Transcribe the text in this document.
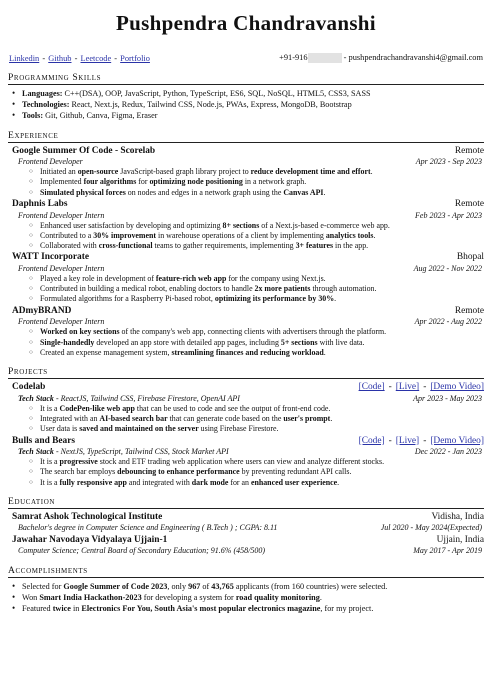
Pushpendra Chandravanshi
Linkedin - Github - Leetcode - Portfolio	+91-916	- pushpendrachandravanshi4@gmail.com
Programming Skills
• Languages: C++(DSA), OOP, JavaScript, Python, TypeScript, ES6, SQL, NoSQL, HTML5, CSS3, SASS
• Technologies: React, Next.js, Redux, Tailwind CSS, Node.js, PWAs, Express, MongoDB, Bootstrap
• Tools: Git, Github, Canva, Figma, Eraser
Experience
Google Summer Of Code - Scorelab	Remote
Frontend Developer	Apr 2023 - Sep 2023
○ Initiated an open-source JavaScript-based graph library project to reduce development time and effort.
○ Implemented four algorithms for optimizing node positioning in a network graph.
○ Simulated physical forces on nodes and edges in a network graph using the Canvas API.
Daphnis Labs	Remote
Frontend Developer Intern	Feb 2023 - Apr 2023
○ Enhanced user satisfaction by developing and optimizing 8+ sections of a Next.js-based e-commerce web app.
○ Contributed to a 30% improvement in warehouse operations of a client by implementing analytics tools.
○ Collaborated with cross-functional teams to gather requirements, implementing 3+ features in the app.
WATT Incorporate	Bhopal
Frontend Developer Intern	Aug 2022 - Nov 2022
○ Played a key role in development of feature-rich web app for the company using Next.js.
○ Contributed in building a medical robot, enabling doctors to handle 2x more patients through automation.
○ Formulated algorithms for a Raspberry Pi-based robot, optimizing its performance by 30%.
ADmyBRAND	Remote
Frontend Developer Intern	Apr 2022 - Aug 2022
○ Worked on key sections of the company's web app, connecting clients with advertisers through the platform.
○ Single-handedly developed an app store with detailed app pages, including 5+ sections with live data.
○ Created an expense management system, streamlining finances and reducing workload.
Projects
Codelab	[Code] - [Live] - [Demo Video]
Tech Stack - ReactJS, Tailwind CSS, Firebase Firestore, OpenAI API	Apr 2023 - May 2023
○ It is a CodePen-like web app that can be used to code and see the output of front-end code.
○ Integrated with an AI-based search bar that can generate code based on the user's prompt.
○ User data is saved and maintained on the server using Firebase Firestore.
Bulls and Bears	[Code] - [Live] - [Demo Video]
Tech Stack - NextJS, TypeScript, Tailwind CSS, Stock Market API	Dec 2022 - Jan 2023
○ It is a progressive stock and ETF trading web application where users can view and analyze different stocks.
○ The search bar employs debouncing to enhance performance by preventing redundant API calls.
○ It is a fully responsive app and integrated with dark mode for an enhanced user experience.
Education
Samrat Ashok Technological Institute	Vidisha, India
Bachelor's degree in Computer Science and Engineering ( B.Tech ) ; CGPA: 8.11	Jul 2020 - May 2024(Expected)
Jawahar Navodaya Vidyalaya Ujjain-1	Ujjain, India
Computer Science; Central Board of Secondary Education; 91.6% (458/500)	May 2017 - Apr 2019
Accomplishments
• Selected for Google Summer of Code 2023, only 967 of 43,765 applicants (from 160 countries) were selected.
• Won Smart India Hackathon-2023 for developing a system for road quality monitoring.
• Featured twice in Electronics For You, South Asia's most popular electronics magazine, for my project.
